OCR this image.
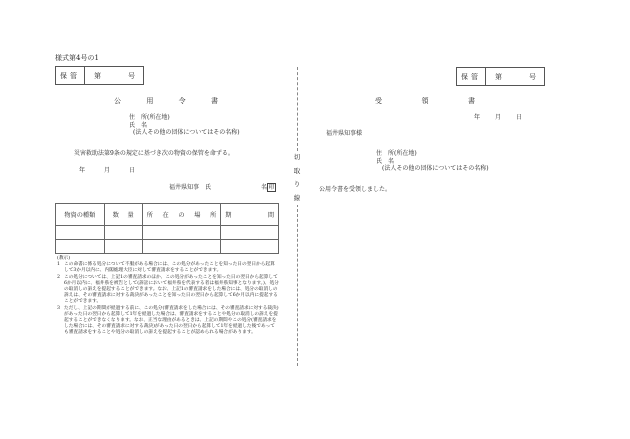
様式第4号の1
保管	第	号
公	用	令	書
住　所(所在地)
氏　名
(法人その他の団体についてはその名称)
災害救助法第9条の規定に基づき次の物資の保管を命ずる。
年	月	日
福井県知事　氏	名 印
物資の種類	数 量	所 在 の 場 所	期 間

(教示)
1 この命書に係る処分について不服がある場合には、この処分があったことを知った日の翌日から起算して3か月以内に、内閣総理大臣に対して審査請求をすることができます。
2 この処分については、上記1の審査請求のほか、この処分があったことを知った日の翌日から起算して6か月以内に、福井県を被告として(訴訟において福井県を代表する者は福井県知事となります。)、処分の取消しの訴えを提起することができます。なお、上記1の審査請求をした場合には、処分の取消しの訴えは、その審査請求に対する裁決があったことを知った日の翌日から起算して6か月以内に提起することができます。
3 ただし、上記の期間が経過する前に、この処分(審査請求をした場合には、その審査請求に対する裁決)があった日の翌日から起算して1年を経過した場合は、審査請求をすることや処分の取消しの訴えを提起することができなくなります。なお、正当な理由があるときは、上記の期間やこの処分(審査請求をした場合には、その審査請求に対する裁決)があった日の翌日から起算して1年を経過した後であっても審査請求をすることや処分の取消しの訴えを提起することが認められる場合があります。
切
取
り
線
保管	第	号
受	領	書
年 月 日
福井県知事様
住　所(所在地)
氏　名
(法人その他の団体についてはその名称)
公用令書を受領しました。
